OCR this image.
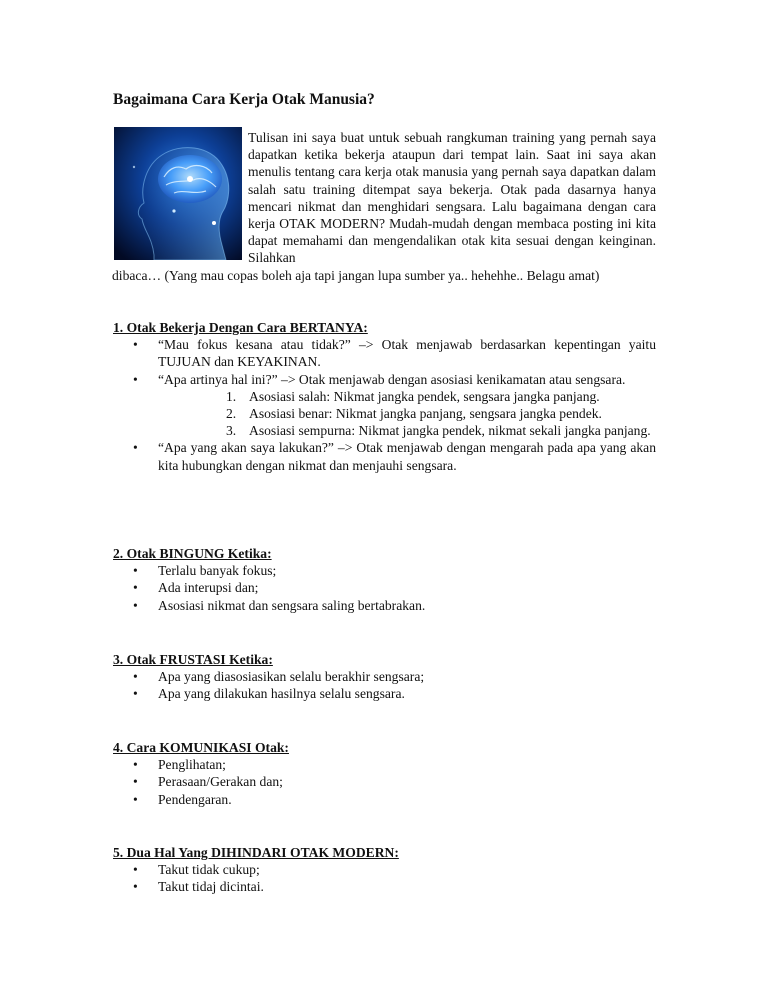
Bagaimana Cara Kerja Otak Manusia?
Tulisan ini saya buat untuk sebuah rangkuman training yang pernah saya dapatkan ketika bekerja ataupun dari tempat lain. Saat ini saya akan menulis tentang cara kerja otak manusia yang pernah saya dapatkan dalam salah satu training ditempat saya bekerja. Otak pada dasarnya hanya mencari nikmat dan menghidari sengsara. Lalu bagaimana dengan cara kerja OTAK MODERN? Mudah-mudah dengan membaca posting ini kita dapat memahami dan mengendalikan otak kita sesuai dengan keinginan. Silahkan
dibaca… (Yang mau copas boleh aja tapi jangan lupa sumber ya.. hehehhe.. Belagu amat)

1. Otak Bekerja Dengan Cara BERTANYA:

• “Mau fokus kesana atau tidak?” –> Otak menjawab berdasarkan kepentingan yaitu TUJUAN dan KEYAKINAN.
• “Apa artinya hal ini?” –> Otak menjawab dengan asosiasi kenikamatan atau sengsara.
1. Asosiasi salah: Nikmat jangka pendek, sengsara jangka panjang.
2. Asosiasi benar: Nikmat jangka panjang, sengsara jangka pendek.
3. Asosiasi sempurna: Nikmat jangka pendek, nikmat sekali jangka panjang.
• “Apa yang akan saya lakukan?” –> Otak menjawab dengan mengarah pada apa yang akan kita hubungkan dengan nikmat dan menjauhi sengsara.

2. Otak BINGUNG Ketika:

• Terlalu banyak fokus;
• Ada interupsi dan;
• Asosiasi nikmat dan sengsara saling bertabrakan.

3. Otak FRUSTASI Ketika:

• Apa yang diasosiasikan selalu berakhir sengsara;
• Apa yang dilakukan hasilnya selalu sengsara.

4. Cara KOMUNIKASI Otak:

• Penglihatan;
• Perasaan/Gerakan dan;
• Pendengaran.

5. Dua Hal Yang DIHINDARI OTAK MODERN:

• Takut tidak cukup;
• Takut tidaj dicintai.
